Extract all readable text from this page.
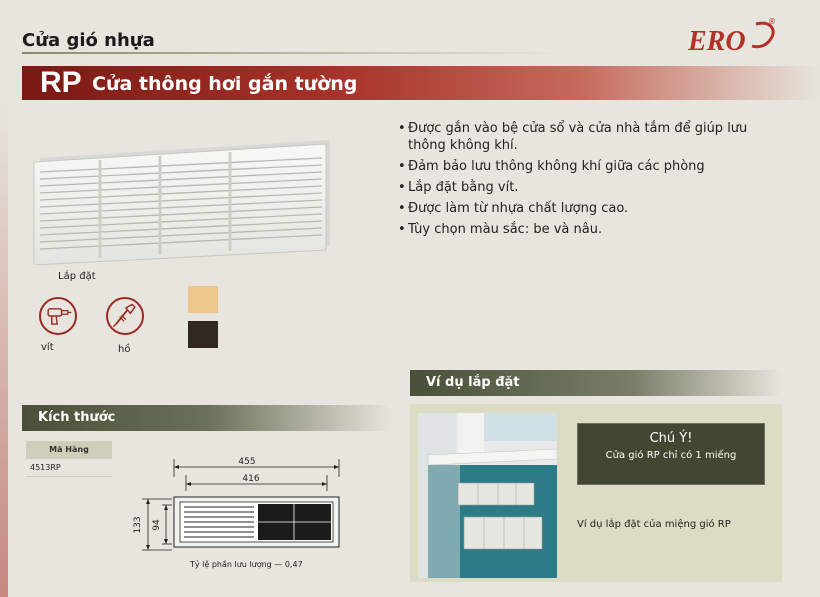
Cửa gió nhựa	ERO
®
RP Cửa thông hơi gắn tường
• Được gắn vào bệ cửa sổ và cửa nhà tắm để giúp lưu thông không khí.
• Đảm bảo lưu thông không khí giữa các phòng
• Lắp đặt bằng vít.
• Được làm từ nhựa chất lượng cao.
• Tùy chọn màu sắc: be và nâu.
Lắp đặt
vít	hồ
Ví dụ lắp đặt
Kích thước
Mã Hàng
4513RP
455
416
133 94
Tỷ lệ phần lưu lượng — 0,47
Chú Ý!
Cửa gió RP chỉ có 1 miếng
Ví dụ lắp đặt của miệng gió RP
